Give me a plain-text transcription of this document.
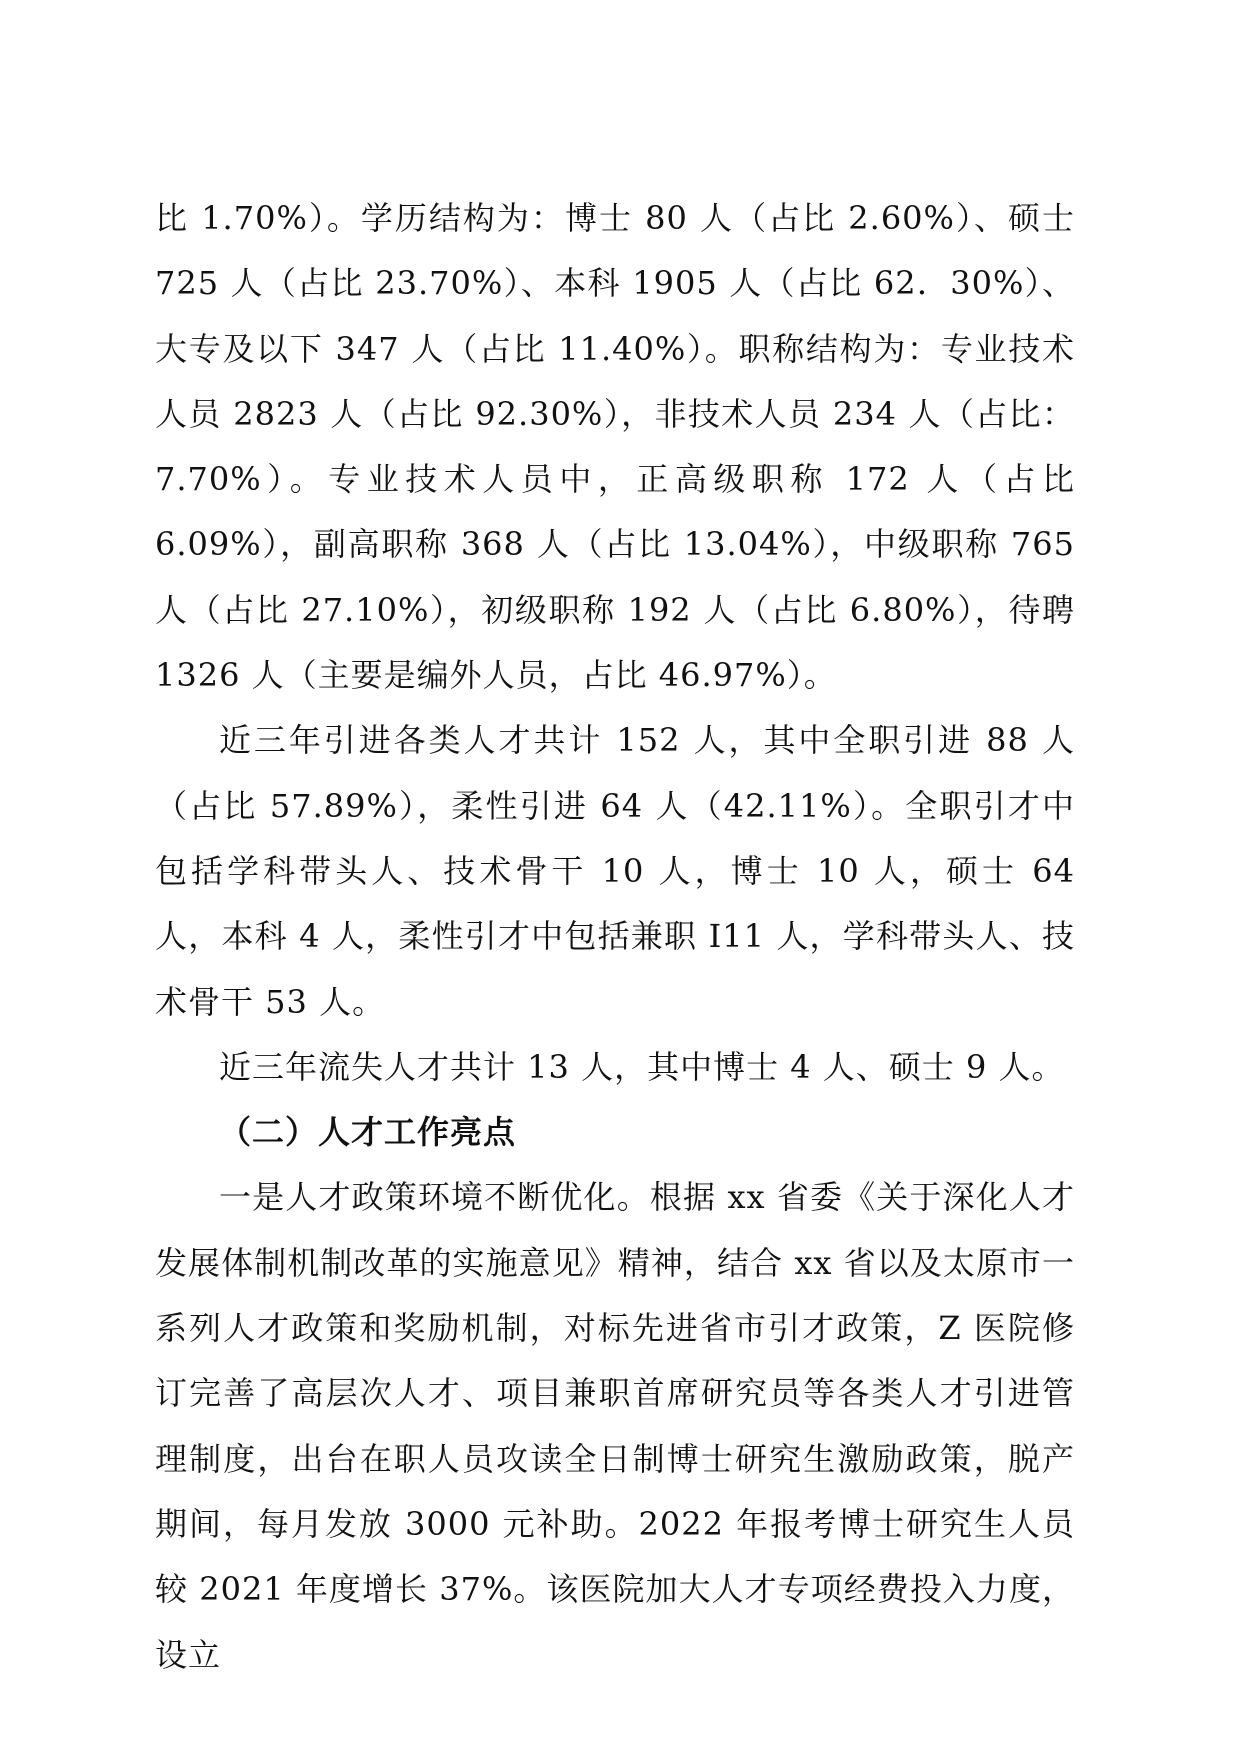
比 1.70%）。学历结构为：博士 80 人（占比 2.60%）、硕士 725 人（占比 23.70%）、本科 1905 人（占比 62．30%）、大专及以下 347 人（占比 11.40%）。职称结构为：专业技术人员 2823 人（占比 92.30%），非技术人员 234 人（占比：7.70%）。专业技术人员中，正高级职称 172 人（占比 6.09%），副高职称 368 人（占比 13.04%），中级职称 765 人（占比 27.10%），初级职称 192 人（占比 6.80%），待聘 1326 人（主要是编外人员，占比 46.97%）。

近三年引进各类人才共计 152 人，其中全职引进 88 人（占比 57.89%），柔性引进 64 人（42.11%）。全职引才中包括学科带头人、技术骨干 10 人，博士 10 人，硕士 64 人，本科 4 人，柔性引才中包括兼职 I11 人，学科带头人、技术骨干 53 人。

近三年流失人才共计 13 人，其中博士 4 人、硕士 9 人。

（二）人才工作亮点

一是人才政策环境不断优化。根据 xx 省委《关于深化人才发展体制机制改革的实施意见》精神，结合 xx 省以及太原市一系列人才政策和奖励机制，对标先进省市引才政策，Z 医院修订完善了高层次人才、项目兼职首席研究员等各类人才引进管理制度，出台在职人员攻读全日制博士研究生激励政策，脱产期间，每月发放 3000 元补助。2022 年报考博士研究生人员较 2021 年度增长 37%。该医院加大人才专项经费投入力度，设立
